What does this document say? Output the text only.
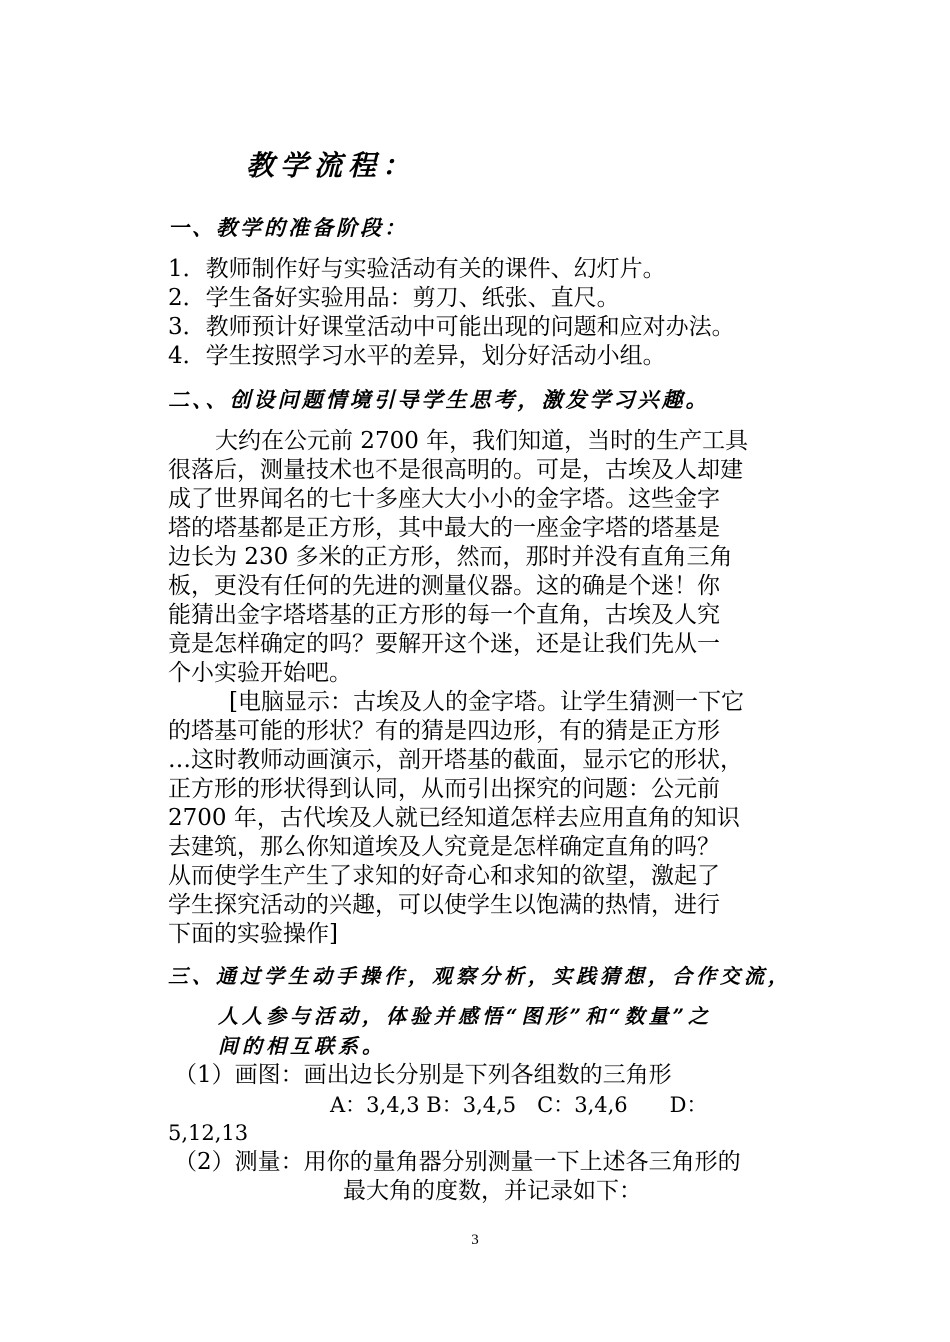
教学流程：
一、教学的准备阶段：
1．教师制作好与实验活动有关的课件、幻灯片。
2．学生备好实验用品：剪刀、纸张、直尺。
3．教师预计好课堂活动中可能出现的问题和应对办法。
4．学生按照学习水平的差异，划分好活动小组。
二、、创设问题情境引导学生思考，激发学习兴趣。
大约在公元前 2700 年，我们知道，当时的生产工具
很落后，测量技术也不是很高明的。可是，古埃及人却建
成了世界闻名的七十多座大大小小的金字塔。这些金字
塔的塔基都是正方形，其中最大的一座金字塔的塔基是
边长为 230 多米的正方形，然而，那时并没有直角三角
板，更没有任何的先进的测量仪器。这的确是个迷！你
能猜出金字塔塔基的正方形的每一个直角，古埃及人究
竟是怎样确定的吗？要解开这个迷，还是让我们先从一
个小实验开始吧。
[电脑显示：古埃及人的金字塔。让学生猜测一下它
的塔基可能的形状？有的猜是四边形，有的猜是正方形
…这时教师动画演示，剖开塔基的截面，显示它的形状，
正方形的形状得到认同，从而引出探究的问题：公元前
2700 年，古代埃及人就已经知道怎样去应用直角的知识
去建筑，那么你知道埃及人究竟是怎样确定直角的吗？
从而使学生产生了求知的好奇心和求知的欲望，激起了
学生探究活动的兴趣，可以使学生以饱满的热情，进行
下面的实验操作]
三、通过学生动手操作，观察分析，实践猜想，合作交流，
人人参与活动，体验并感悟“图形”和“数量”之
间的相互联系。
（1）画图：画出边长分别是下列各组数的三角形
A：3,4,3 B：3,4,5　C：3,4,6　　D：
5,12,13
（2）测量：用你的量角器分别测量一下上述各三角形的
最大角的度数，并记录如下：
3
